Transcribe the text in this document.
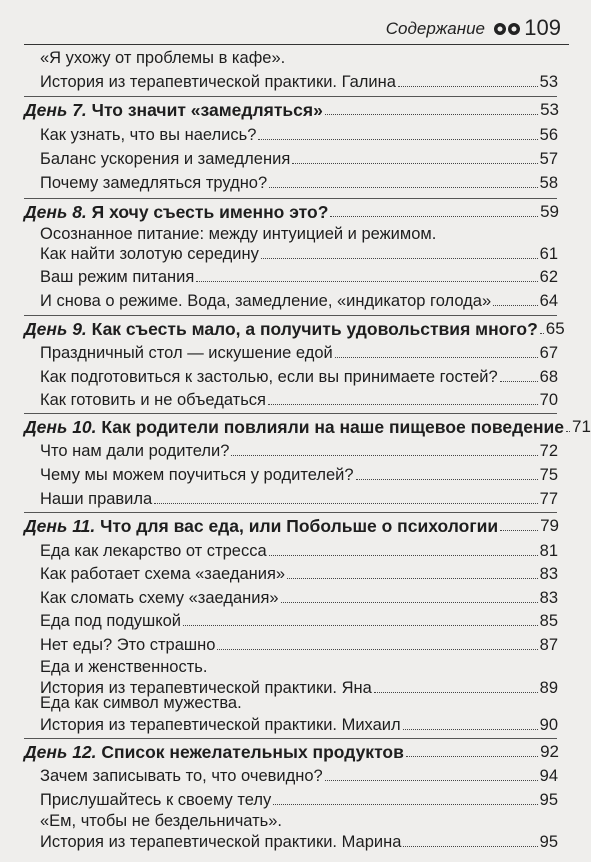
Содержание 109
«Я ухожу от проблемы в кафе».
История из терапевтической практики. Галина	53
День 7. Что значит «замедляться»	53
Как узнать, что вы наелись?	56
Баланс ускорения и замедления	57
Почему замедляться трудно?	58
День 8. Я хочу съесть именно это?	59
Осознанное питание: между интуицией и режимом.
Как найти золотую середину	61
Ваш режим питания	62
И снова о режиме. Вода, замедление, «индикатор голода»	64
День 9. Как съесть мало, а получить удовольствия много? 65
Праздничный стол — искушение едой	67
Как подготовиться к застолью, если вы принимаете гостей?	68
Как готовить и не объедаться	70
День 10. Как родители повлияли на наше пищевое поведение 71
Что нам дали родители?	72
Чему мы можем поучиться у родителей?	75
Наши правила	77
День 11. Что для вас еда, или Побольше о психологии 79
Еда как лекарство от стресса	81
Как работает схема «заедания»	83
Как сломать схему «заедания»	83
Еда под подушкой	85
Нет еды? Это страшно	87
Еда и женственность.
История из терапевтической практики. Яна	89
Еда как символ мужества.
История из терапевтической практики. Михаил	90
День 12. Список нежелательных продуктов	92
Зачем записывать то, что очевидно?	94
Прислушайтесь к своему телу	95
«Ем, чтобы не бездельничать».
История из терапевтической практики. Марина	95
